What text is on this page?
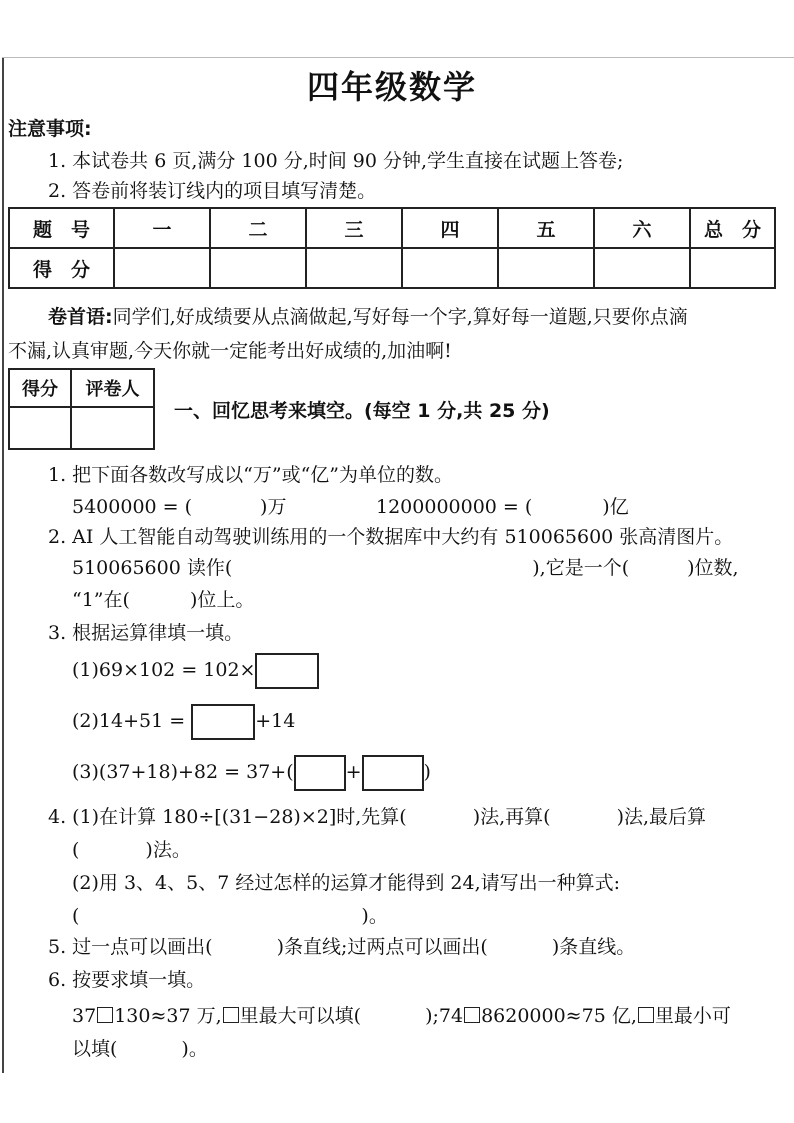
四年级数学
注意事项:
1. 本试卷共 6 页,满分 100 分,时间 90 分钟,学生直接在试题上答卷;
2. 答卷前将装订线内的项目填写清楚。
题　号	一	二	三	四	五	六	总　分
得　分							
卷首语:同学们,好成绩要从点滴做起,写好每一个字,算好每一道题,只要你点滴
不漏,认真审题,今天你就一定能考出好成绩的,加油啊!
得分	评卷人

一、回忆思考来填空。(每空 1 分,共 25 分)
1. 把下面各数改写成以“万”或“亿”为单位的数。
5400000 = (	)万	1200000000 = (	)亿
2. AI 人工智能自动驾驶训练用的一个数据库中大约有 510065600 张高清图片。
510065600 读作(	),它是一个(	)位数,
“1”在(	)位上。
3. 根据运算律填一填。
(1)69×102 = 102×
(2)14+51 =	+14
(3)(37+18)+82 = 37+(	+	)
4. (1)在计算 180÷[(31−28)×2]时,先算(	)法,再算(	)法,最后算
(	)法。
(2)用 3、4、5、7 经过怎样的运算才能得到 24,请写出一种算式:
(	)。
5. 过一点可以画出(	)条直线;过两点可以画出(	)条直线。
6. 按要求填一填。
37 130≈37 万, 里最大可以填(	);74 8620000≈75 亿, 里最小可
以填(	)。
